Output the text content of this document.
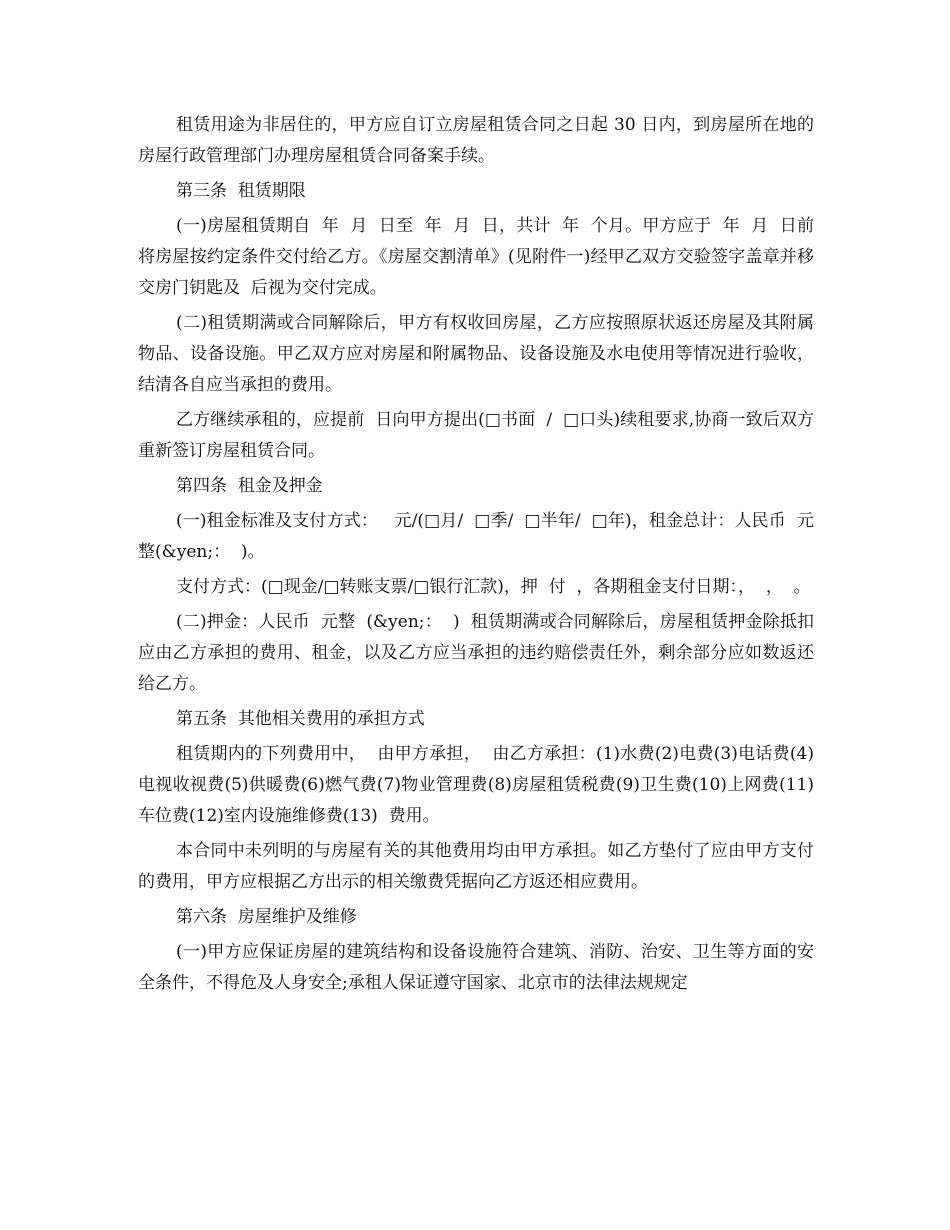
租赁用途为非居住的，甲方应自订立房屋租赁合同之日起 30 日内，到房屋所在地的房屋行政管理部门办理房屋租赁合同备案手续。

第三条  租赁期限

(一)房屋租赁期自  年  月  日至  年  月  日，共计  年  个月。甲方应于  年  月  日前将房屋按约定条件交付给乙方。《房屋交割清单》(见附件一)经甲乙双方交验签字盖章并移交房门钥匙及  后视为交付完成。

(二)租赁期满或合同解除后，甲方有权收回房屋，乙方应按照原状返还房屋及其附属物品、设备设施。甲乙双方应对房屋和附属物品、设备设施及水电使用等情况进行验收，结清各自应当承担的费用。

乙方继续承租的，应提前  日向甲方提出(□书面  /  □口头)续租要求,协商一致后双方重新签订房屋租赁合同。

第四条  租金及押金

(一)租金标准及支付方式：   元/(□月/  □季/  □半年/  □年)，租金总计：人民币  元整(&yen;：  )。

支付方式：(□现金/□转账支票/□银行汇款)，押  付  ，各期租金支付日期：，  ，  。

(二)押金：人民币  元整  (&yen;：  )  租赁期满或合同解除后，房屋租赁押金除抵扣应由乙方承担的费用、租金，以及乙方应当承担的违约赔偿责任外，剩余部分应如数返还给乙方。

第五条  其他相关费用的承担方式

租赁期内的下列费用中，  由甲方承担，  由乙方承担：(1)水费(2)电费(3)电话费(4)电视收视费(5)供暖费(6)燃气费(7)物业管理费(8)房屋租赁税费(9)卫生费(10)上网费(11)车位费(12)室内设施维修费(13)  费用。

本合同中未列明的与房屋有关的其他费用均由甲方承担。如乙方垫付了应由甲方支付的费用，甲方应根据乙方出示的相关缴费凭据向乙方返还相应费用。

第六条  房屋维护及维修

(一)甲方应保证房屋的建筑结构和设备设施符合建筑、消防、治安、卫生等方面的安全条件，不得危及人身安全;承租人保证遵守国家、北京市的法律法规规定
